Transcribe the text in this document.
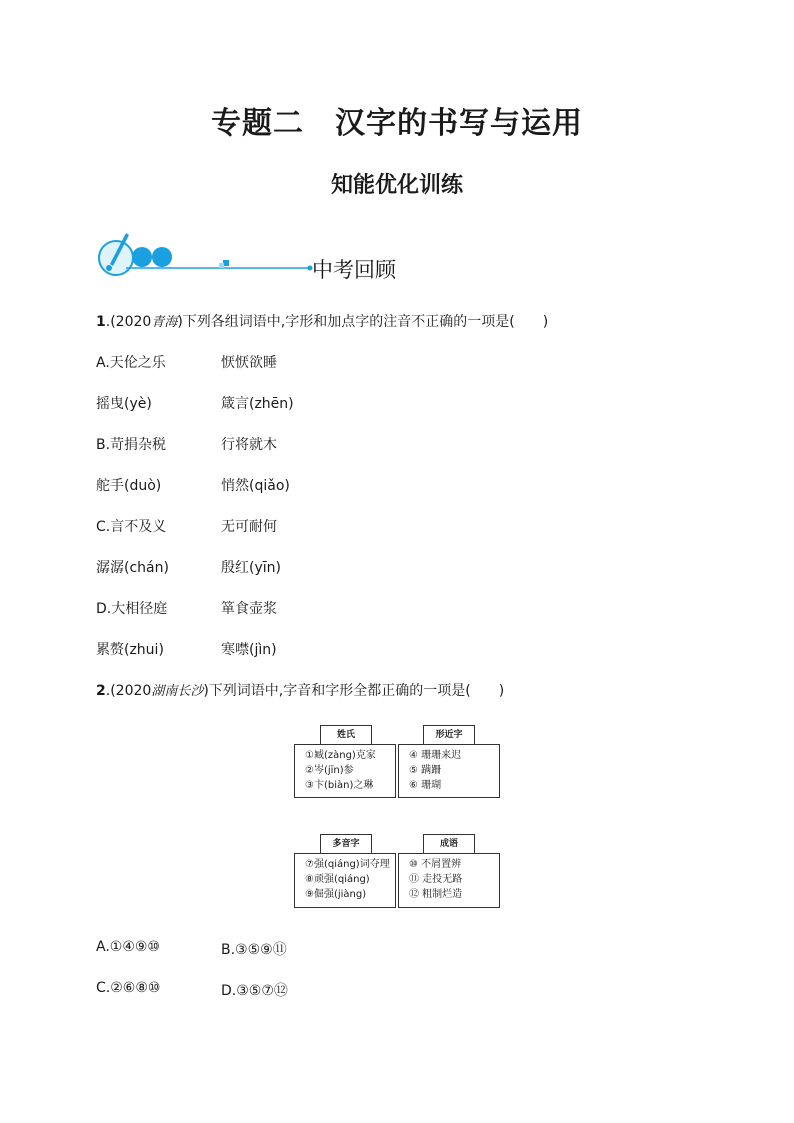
专题二　汉字的书写与运用
知能优化训练
中考回顾
1.(2020青海)下列各组词语中,字形和加点字的注音不正确的一项是(　　)
A.天伦之乐	恹恹欲睡
摇曳(yè)	箴言(zhēn)
B.苛捐杂税	行将就木
舵手(duò)	悄然(qiǎo)
C.言不及义	无可耐何
潺潺(chán)	殷红(yīn)
D.大相径庭	箪食壶浆
累赘(zhui)	寒噤(jìn)
2.(2020湖南长沙)下列词语中,字音和字形全都正确的一项是(　　)
①臧(zàng)克家
②岑(jīn)参
③卞(biàn)之琳
姓氏
④ 珊珊来迟
⑤ 蹒跚
⑥ 珊瑚
形近字
⑦强(qiáng)词夺理
⑧顽强(qiáng)
⑨倔强(jiàng)
多音字
⑩ 不屑置辨
⑪ 走投无路
⑫ 粗制烂造
成语
A.①④⑨⑩	B.③⑤⑨⑪
C.②⑥⑧⑩	D.③⑤⑦⑫
